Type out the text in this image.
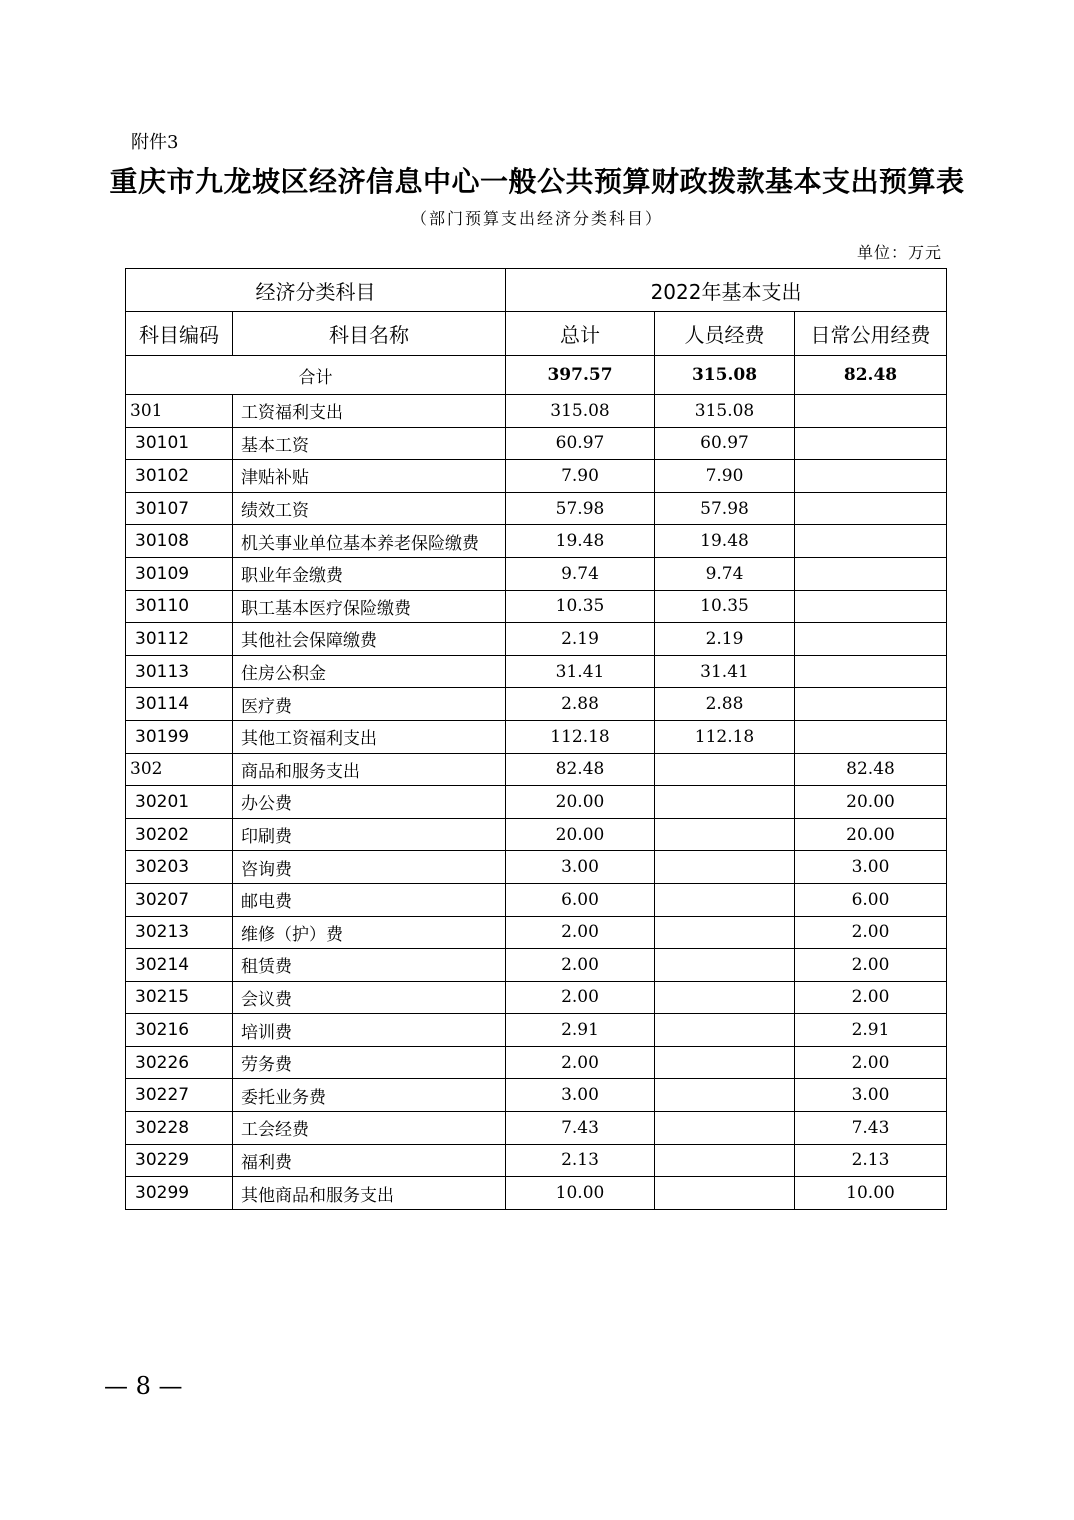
附件3
重庆市九龙坡区经济信息中心一般公共预算财政拨款基本支出预算表
（部门预算支出经济分类科目）
单位：万元
经济分类科目		2022年基本支出		
科目编码	科目名称	总计	人员经费	日常公用经费
合计		397.57	315.08	82.48
301	工资福利支出	315.08	315.08	
30101	基本工资	60.97	60.97	
30102	津贴补贴	7.90	7.90	
30107	绩效工资	57.98	57.98	
30108	机关事业单位基本养老保险缴费	19.48	19.48	
30109	职业年金缴费	9.74	9.74	
30110	职工基本医疗保险缴费	10.35	10.35	
30112	其他社会保障缴费	2.19	2.19	
30113	住房公积金	31.41	31.41	
30114	医疗费	2.88	2.88	
30199	其他工资福利支出	112.18	112.18	
302	商品和服务支出	82.48		82.48
30201	办公费	20.00		20.00
30202	印刷费	20.00		20.00
30203	咨询费	3.00		3.00
30207	邮电费	6.00		6.00
30213	维修（护）费	2.00		2.00
30214	租赁费	2.00		2.00
30215	会议费	2.00		2.00
30216	培训费	2.91		2.91
30226	劳务费	2.00		2.00
30227	委托业务费	3.00		3.00
30228	工会经费	7.43		7.43
30229	福利费	2.13		2.13
30299	其他商品和服务支出	10.00		10.00
— 8 —
